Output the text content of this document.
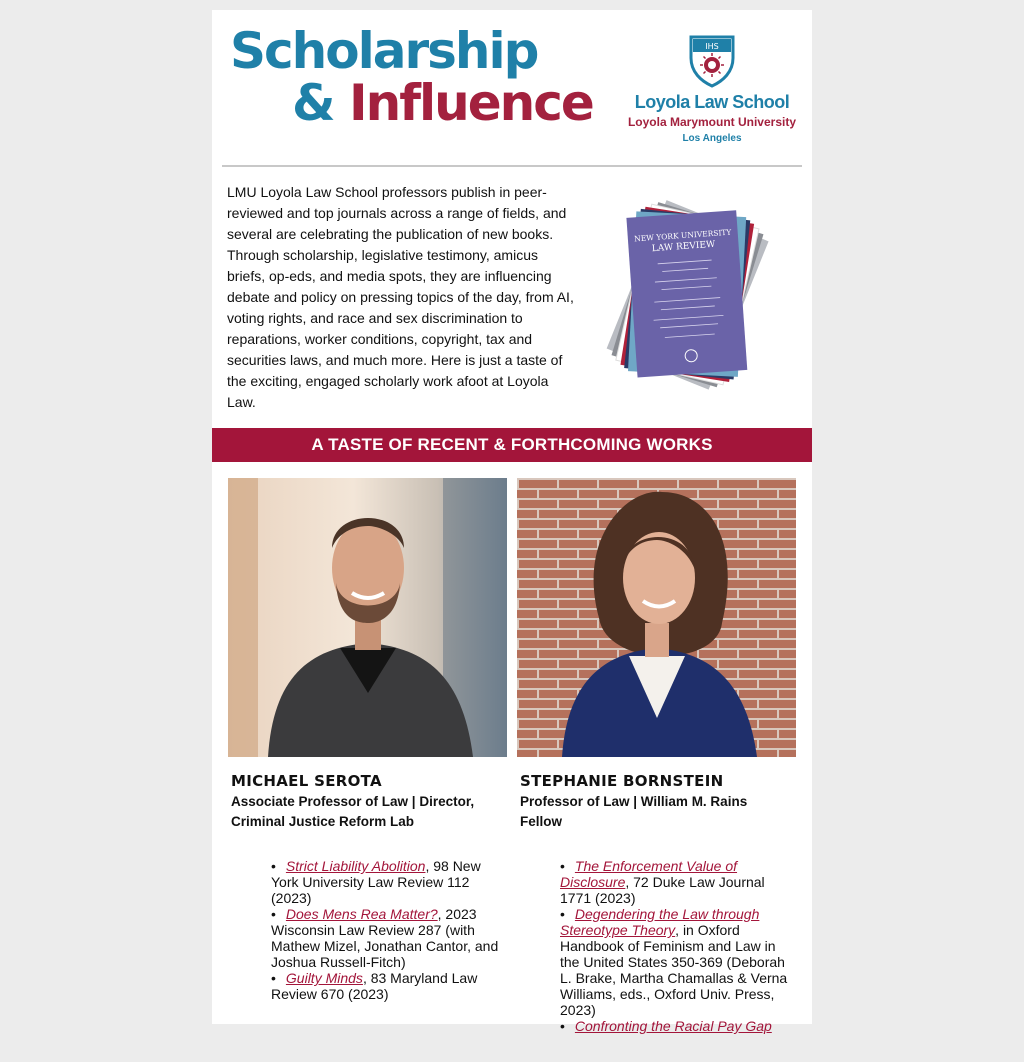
Scholarship
& Influence
IHS
Loyola Law School
Loyola Marymount University
Los Angeles
LMU Loyola Law School professors publish in peer-reviewed and top journals across a range of fields, and several are celebrating the publication of new books. Through scholarship, legislative testimony, amicus briefs, op-eds, and media spots, they are influencing debate and policy on pressing topics of the day, from AI, voting rights, and race and sex discrimination to reparations, worker conditions, copyright, tax and securities laws, and much more. Here is just a taste of the exciting, engaged scholarly work afoot at Loyola Law.
NEW YORK UNIVERSITY
LAW REVIEW
A TASTE OF RECENT & FORTHCOMING WORKS
MICHAEL SEROTA
Associate Professor of Law | Director, Criminal Justice Reform Lab
• Strict Liability Abolition, 98 New York University Law Review 112 (2023)
• Does Mens Rea Matter?, 2023 Wisconsin Law Review 287 (with Mathew Mizel, Jonathan Cantor, and Joshua Russell-Fitch)
• Guilty Minds, 83 Maryland Law Review 670 (2023)
STEPHANIE BORNSTEIN
Professor of Law | William M. Rains Fellow
• The Enforcement Value of Disclosure, 72 Duke Law Journal 1771 (2023)
• Degendering the Law through Stereotype Theory, in Oxford Handbook of Feminism and Law in the United States 350-369 (Deborah L. Brake, Martha Chamallas & Verna Williams, eds., Oxford Univ. Press, 2023)
• Confronting the Racial Pay Gap
